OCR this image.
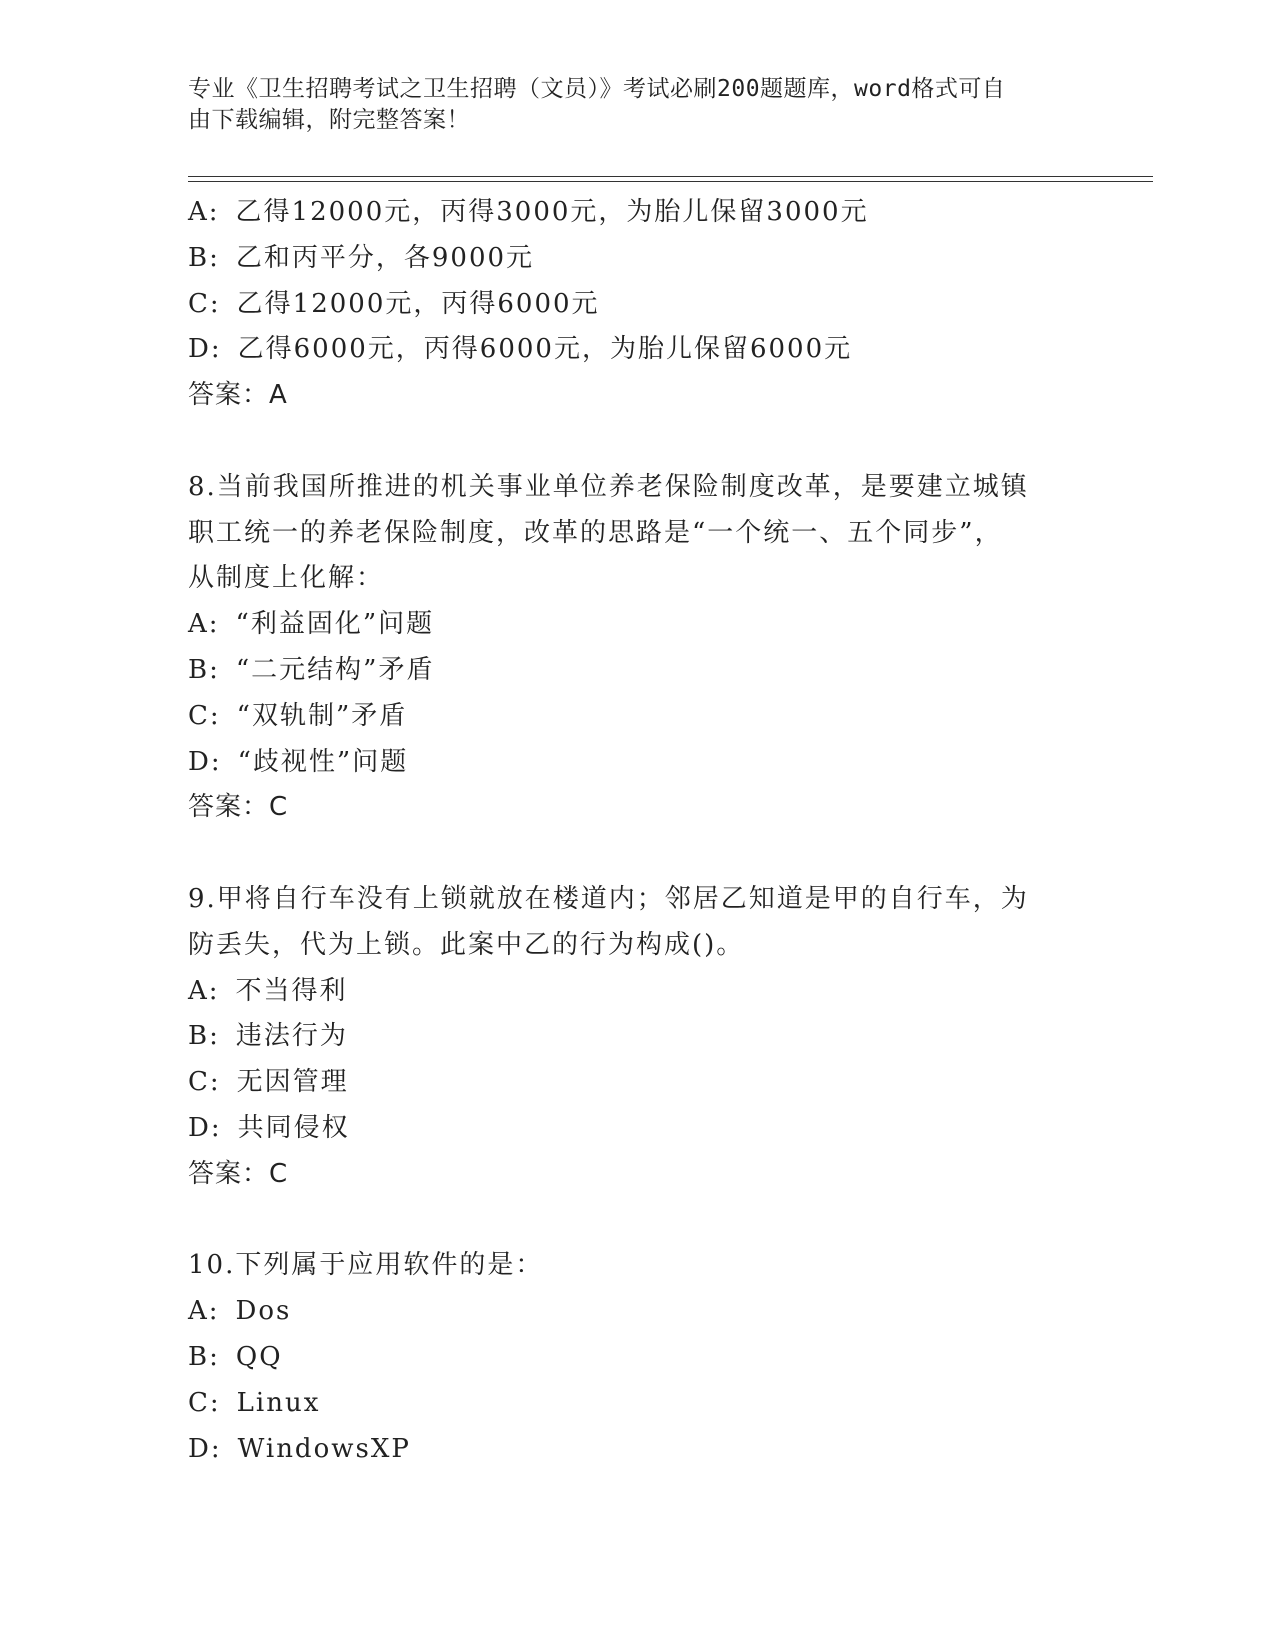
专业《卫生招聘考试之卫生招聘（文员）》考试必刷200题题库，word格式可自
由下载编辑，附完整答案！
A: 乙得12000元，丙得3000元，为胎儿保留3000元
B: 乙和丙平分，各9000元
C: 乙得12000元，丙得6000元
D: 乙得6000元，丙得6000元，为胎儿保留6000元
答案：A
8.当前我国所推进的机关事业单位养老保险制度改革，是要建立城镇
职工统一的养老保险制度，改革的思路是“一个统一、五个同步”，
从制度上化解：
A: “利益固化”问题
B: “二元结构”矛盾
C: “双轨制”矛盾
D: “歧视性”问题
答案：C
9.甲将自行车没有上锁就放在楼道内；邻居乙知道是甲的自行车，为
防丢失，代为上锁。此案中乙的行为构成()。
A: 不当得利
B: 违法行为
C: 无因管理
D: 共同侵权
答案：C
10.下列属于应用软件的是：
A: Dos
B: QQ
C: Linux
D: WindowsXP
